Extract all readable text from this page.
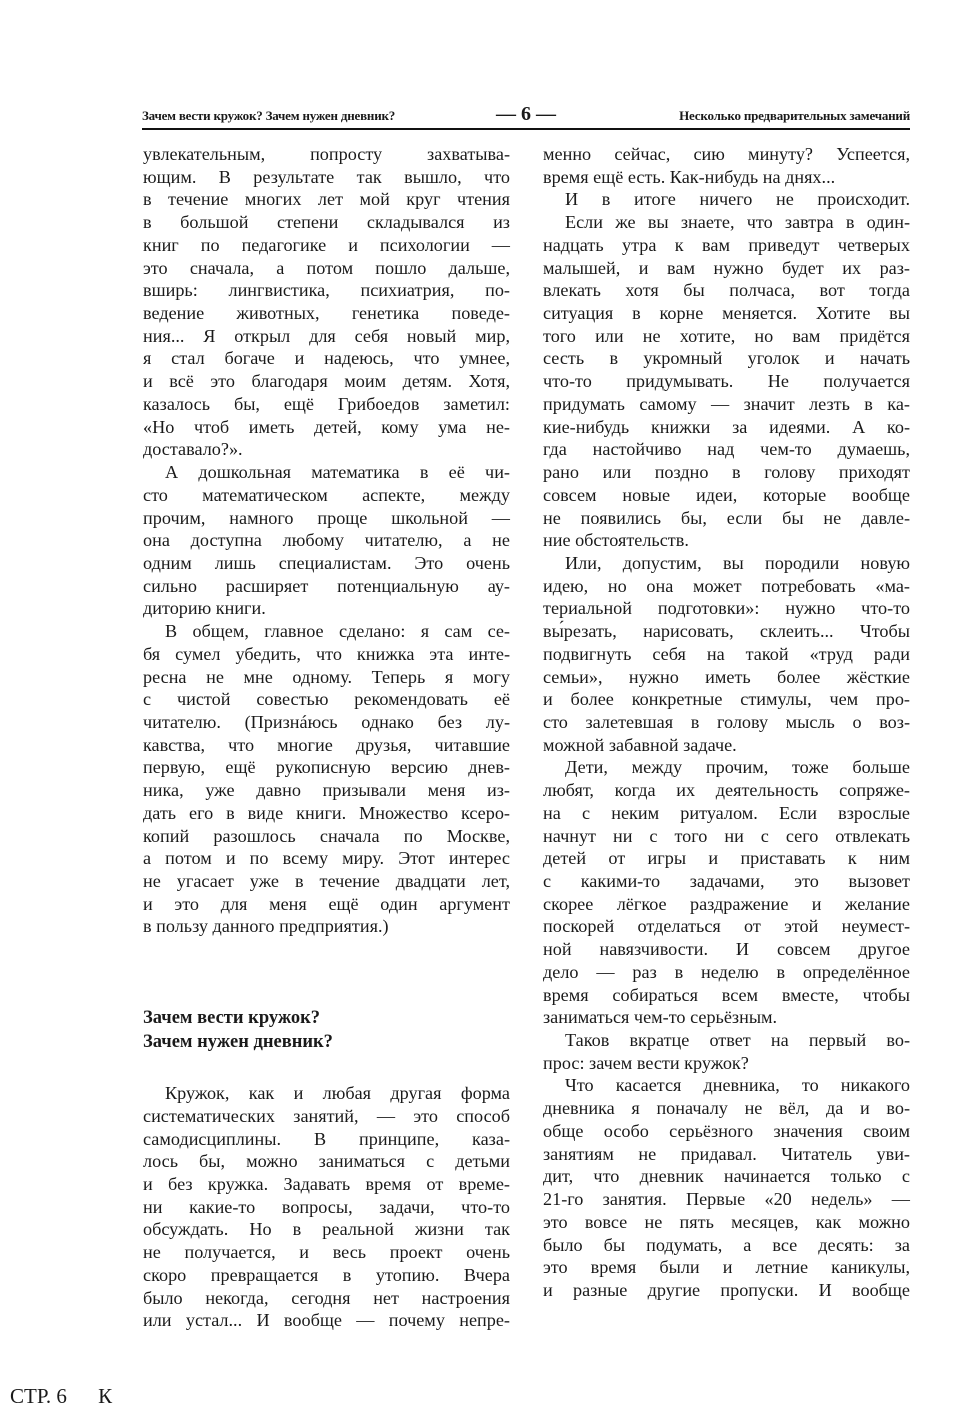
Зачем вести кружок? Зачем нужен дневник?	— 6 —	Несколько предварительных замечаний
увлекательным, попросту захватыва-
ющим. В результате так вышло, что
в течение многих лет мой круг чтения
в большой степени складывался из
книг по педагогике и психологии —
это сначала, а потом пошло дальше,
вширь: лингвистика, психиатрия, по-
ведение животных, генетика поведе-
ния... Я открыл для себя новый мир,
я стал богаче и надеюсь, что умнее,
и всё это благодаря моим детям. Хотя,
казалось бы, ещё Грибоедов заметил:
«Но чтоб иметь детей, кому ума не-
доставало?».
А дошкольная математика в её чи-
сто математическом аспекте, между
прочим, намного проще школьной —
она доступна любому читателю, а не
одним лишь специалистам. Это очень
сильно расширяет потенциальную ау-
диторию книги.
В общем, главное сделано: я сам се-
бя сумел убедить, что книжка эта инте-
ресна не мне одному. Теперь я могу
с чистой совестью рекомендовать её
читателю. (Признáюсь однако без лу-
кавства, что многие друзья, читавшие
первую, ещё рукописную версию днев-
ника, уже давно призывали меня из-
дать его в виде книги. Множество ксеро-
копий разошлось сначала по Москве,
а потом и по всему миру. Этот интерес
не угасает уже в течение двадцати лет,
и это для меня ещё один аргумент
в пользу данного предприятия.)
Зачем вести кружок?
Зачем нужен дневник?
Кружок, как и любая другая форма
систематических занятий, — это способ
самодисциплины. В принципе, каза-
лось бы, можно заниматься с детьми
и без кружка. Задавать время от време-
ни какие-то вопросы, задачи, что-то
обсуждать. Но в реальной жизни так
не получается, и весь проект очень
скоро превращается в утопию. Вчера
было некогда, сегодня нет настроения
или устал... И вообще — почему непре-
менно сейчас, сию минуту? Успеется,
время ещё есть. Как-нибудь на днях...
И в итоге ничего не происходит.
Если же вы знаете, что завтра в один-
надцать утра к вам приведут четверых
малышей, и вам нужно будет их раз-
влекать хотя бы полчаса, вот тогда
ситуация в корне меняется. Хотите вы
того или не хотите, но вам придётся
сесть в укромный уголок и начать
что-то придумывать. Не получается
придумать самому — значит лезть в ка-
кие-нибудь книжки за идеями. А ко-
гда настойчиво над чем-то думаешь,
рано или поздно в голову приходят
совсем новые идеи, которые вообще
не появились бы, если бы не давле-
ние обстоятельств.
Или, допустим, вы породили новую
идею, но она может потребовать «ма-
териальной подготовки»: нужно что-то
вы́резать, нарисовать, склеить... Чтобы
подвигнуть себя на такой «труд ради
семьи», нужно иметь более жёсткие
и более конкретные стимулы, чем про-
сто залетевшая в голову мысль о воз-
можной забавной задаче.
Дети, между прочим, тоже больше
любят, когда их деятельность сопряже-
на с неким ритуалом. Если взрослые
начнут ни с того ни с сего отвлекать
детей от игры и приставать к ним
с какими-то задачами, это вызовет
скорее лёгкое раздражение и желание
поскорей отделаться от этой неумест-
ной навязчивости. И совсем другое
дело — раз в неделю в определённое
время собираться всем вместе, чтобы
заниматься чем-то серьёзным.
Таков вкратце ответ на первый во-
прос: зачем вести кружок?
Что касается дневника, то никакого
дневника я поначалу не вёл, да и во-
обще особо серьёзного значения своим
занятиям не придавал. Читатель уви-
дит, что дневник начинается только с
21-го занятия. Первые «20 недель» —
это вовсе не пять месяцев, как можно
было бы подумать, а все десять: за
это время были и летние каникулы,
и разные другие пропуски. И вообще
СТР. 6 К
